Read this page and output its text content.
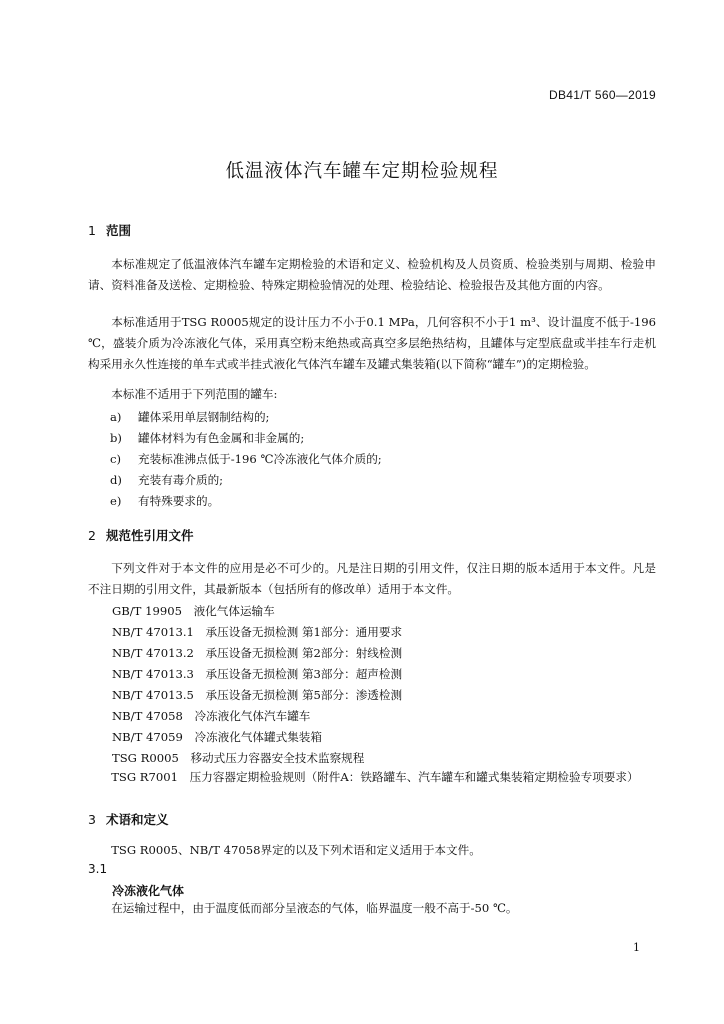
DB41/T 560—2019
低温液体汽车罐车定期检验规程
1 范围
本标准规定了低温液体汽车罐车定期检验的术语和定义、检验机构及人员资质、检验类别与周期、检验申请、资料准备及送检、定期检验、特殊定期检验情况的处理、检验结论、检验报告及其他方面的内容。
本标准适用于TSG R0005规定的设计压力不小于0.1 MPa，几何容积不小于1 m³、设计温度不低于-196 ℃，盛装介质为冷冻液化气体，采用真空粉末绝热或高真空多层绝热结构，且罐体与定型底盘或半挂车行走机构采用永久性连接的单车式或半挂式液化气体汽车罐车及罐式集装箱(以下简称“罐车”)的定期检验。
本标准不适用于下列范围的罐车:
a) 罐体采用单层钢制结构的;
b) 罐体材料为有色金属和非金属的;
c) 充装标准沸点低于-196 ℃冷冻液化气体介质的;
d) 充装有毒介质的;
e) 有特殊要求的。
2 规范性引用文件
下列文件对于本文件的应用是必不可少的。凡是注日期的引用文件，仅注日期的版本适用于本文件。凡是不注日期的引用文件，其最新版本（包括所有的修改单）适用于本文件。
GB/T 19905　液化气体运输车
NB/T 47013.1　承压设备无损检测 第1部分：通用要求
NB/T 47013.2　承压设备无损检测 第2部分：射线检测
NB/T 47013.3　承压设备无损检测 第3部分：超声检测
NB/T 47013.5　承压设备无损检测 第5部分：渗透检测
NB/T 47058　冷冻液化气体汽车罐车
NB/T 47059　冷冻液化气体罐式集装箱
TSG R0005　移动式压力容器安全技术监察规程
TSG R7001　压力容器定期检验规则（附件A：铁路罐车、汽车罐车和罐式集装箱定期检验专项要求）
3 术语和定义
TSG R0005、NB/T 47058界定的以及下列术语和定义适用于本文件。
3.1
冷冻液化气体
在运输过程中，由于温度低而部分呈液态的气体，临界温度一般不高于-50 ℃。
1
